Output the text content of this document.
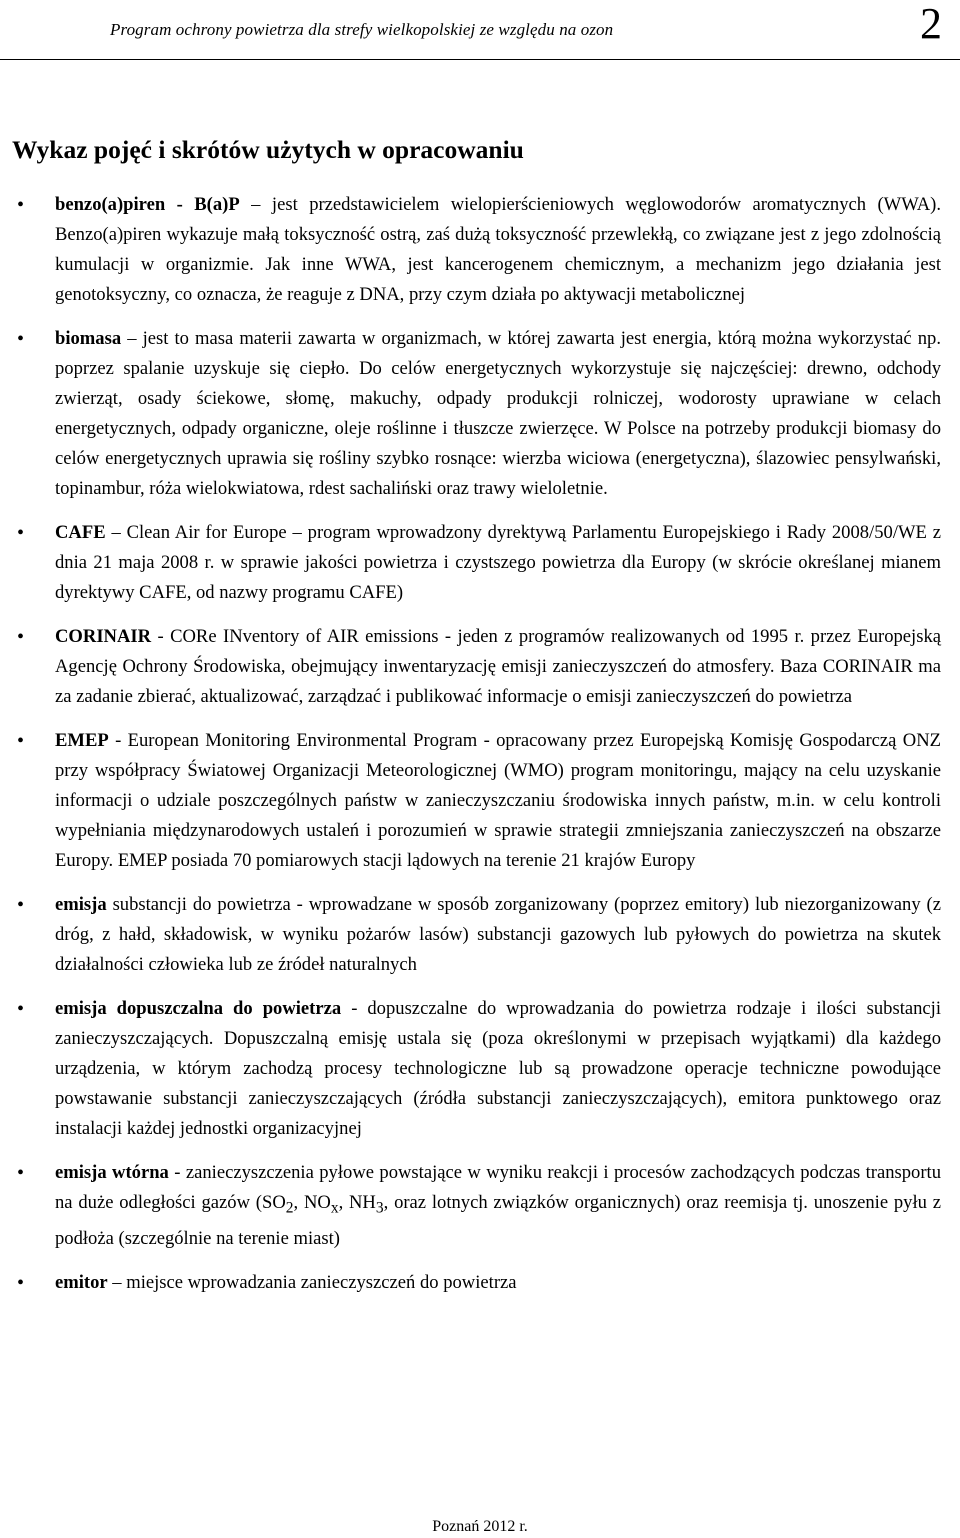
Program ochrony powietrza dla strefy wielkopolskiej ze względu na ozon	2
Wykaz pojęć i skrótów użytych w opracowaniu
• benzo(a)piren - B(a)P – jest przedstawicielem wielopierścieniowych węglowodorów aromatycznych (WWA). Benzo(a)piren wykazuje małą toksyczność ostrą, zaś dużą toksyczność przewlekłą, co związane jest z jego zdolnością kumulacji w organizmie. Jak inne WWA, jest kancerogenem chemicznym, a mechanizm jego działania jest genotoksyczny, co oznacza, że reaguje z DNA, przy czym działa po aktywacji metabolicznej
• biomasa – jest to masa materii zawarta w organizmach, w której zawarta jest energia, którą można wykorzystać np. poprzez spalanie uzyskuje się ciepło. Do celów energetycznych wykorzystuje się najczęściej: drewno, odchody zwierząt, osady ściekowe, słomę, makuchy, odpady produkcji rolniczej, wodorosty uprawiane w celach energetycznych, odpady organiczne, oleje roślinne i tłuszcze zwierzęce. W Polsce na potrzeby produkcji biomasy do celów energetycznych uprawia się rośliny szybko rosnące: wierzba wiciowa (energetyczna), ślazowiec pensylwański, topinambur, róża wielokwiatowa, rdest sachaliński oraz trawy wieloletnie.
• CAFE – Clean Air for Europe – program wprowadzony dyrektywą Parlamentu Europejskiego i Rady 2008/50/WE z dnia 21 maja 2008 r. w sprawie jakości powietrza i czystszego powietrza dla Europy (w skrócie określanej mianem dyrektywy CAFE, od nazwy programu CAFE)
• CORINAIR - CORe INventory of AIR emissions - jeden z programów realizowanych od 1995 r. przez Europejską Agencję Ochrony Środowiska, obejmujący inwentaryzację emisji zanieczyszczeń do atmosfery. Baza CORINAIR ma za zadanie zbierać, aktualizować, zarządzać i publikować informacje o emisji zanieczyszczeń do powietrza
• EMEP - European Monitoring Environmental Program - opracowany przez Europejską Komisję Gospodarczą ONZ przy współpracy Światowej Organizacji Meteorologicznej (WMO) program monitoringu, mający na celu uzyskanie informacji o udziale poszczególnych państw w zanieczyszczaniu środowiska innych państw, m.in. w celu kontroli wypełniania międzynarodowych ustaleń i porozumień w sprawie strategii zmniejszania zanieczyszczeń na obszarze Europy. EMEP posiada 70 pomiarowych stacji lądowych na terenie 21 krajów Europy
• emisja substancji do powietrza - wprowadzane w sposób zorganizowany (poprzez emitory) lub niezorganizowany (z dróg, z hałd, składowisk, w wyniku pożarów lasów) substancji gazowych lub pyłowych do powietrza na skutek działalności człowieka lub ze źródeł naturalnych
• emisja dopuszczalna do powietrza - dopuszczalne do wprowadzania do powietrza rodzaje i ilości substancji zanieczyszczających. Dopuszczalną emisję ustala się (poza określonymi w przepisach wyjątkami) dla każdego urządzenia, w którym zachodzą procesy technologiczne lub są prowadzone operacje techniczne powodujące powstawanie substancji zanieczyszczających (źródła substancji zanieczyszczających), emitora punktowego oraz instalacji każdej jednostki organizacyjnej
• emisja wtórna - zanieczyszczenia pyłowe powstające w wyniku reakcji i procesów zachodzących podczas transportu na duże odległości gazów ($SO_2$, $NO_x$, $NH_3$, oraz lotnych związków organicznych) oraz reemisja tj. unoszenie pyłu z podłoża (szczególnie na terenie miast)
• emitor – miejsce wprowadzania zanieczyszczeń do powietrza
Poznań 2012 r.
